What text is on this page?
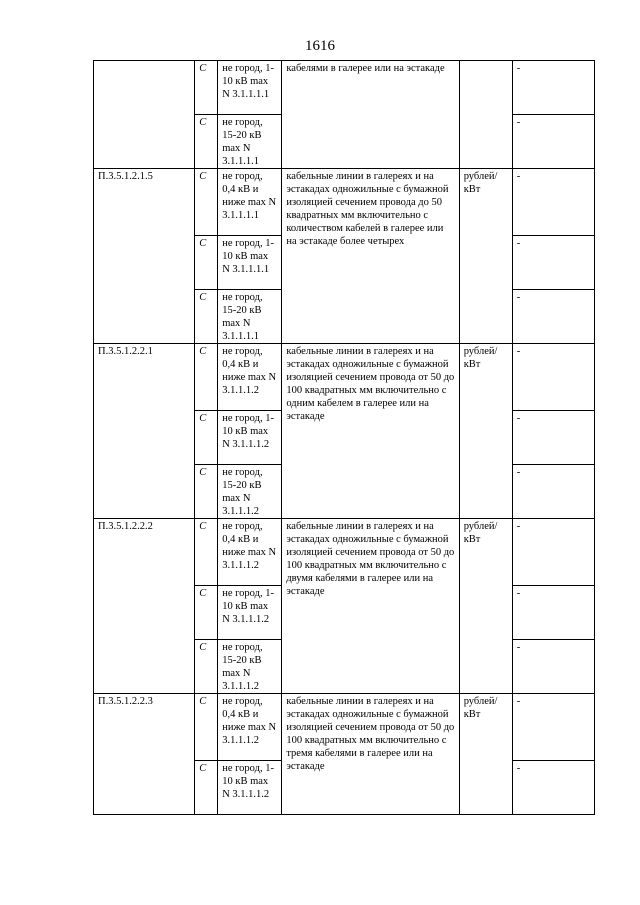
1616
	С	не город, 1-10 кВ max N 3.1.1.1.1	кабелями в галерее или на эстакаде		-
	С	не город, 15-20 кВ max N 3.1.1.1.1			-
П.3.5.1.2.1.5	С	не город, 0,4 кВ и ниже max N 3.1.1.1.1	кабельные линии в галереях и на эстакадах одножильные с бумажной изоляцией сечением провода до 50 квадратных мм включительно с количеством кабелей в галерее или на эстакаде более четырех	рублей/ кВт	-
	С	не город, 1-10 кВ max N 3.1.1.1.1			-
	С	не город, 15-20 кВ max N 3.1.1.1.1			-
П.3.5.1.2.2.1	С	не город, 0,4 кВ и ниже max N 3.1.1.1.2	кабельные линии в галереях и на эстакадах одножильные с бумажной изоляцией сечением провода от 50 до 100 квадратных мм включительно с одним кабелем в галерее или на эстакаде	рублей/ кВт	-
	С	не город, 1-10 кВ max N 3.1.1.1.2			-
	С	не город, 15-20 кВ max N 3.1.1.1.2			-
П.3.5.1.2.2.2	С	не город, 0,4 кВ и ниже max N 3.1.1.1.2	кабельные линии в галереях и на эстакадах одножильные с бумажной изоляцией сечением провода от 50 до 100 квадратных мм включительно с двумя кабелями в галерее или на эстакаде	рублей/ кВт	-
	С	не город, 1-10 кВ max N 3.1.1.1.2			-
	С	не город, 15-20 кВ max N 3.1.1.1.2			-
П.3.5.1.2.2.3	С	не город, 0,4 кВ и ниже max N 3.1.1.1.2	кабельные линии в галереях и на эстакадах одножильные с бумажной изоляцией сечением провода от 50 до 100 квадратных мм включительно с тремя кабелями в галерее или на эстакаде	рублей/ кВт	-
	С	не город, 1-10 кВ max N 3.1.1.1.2			-
